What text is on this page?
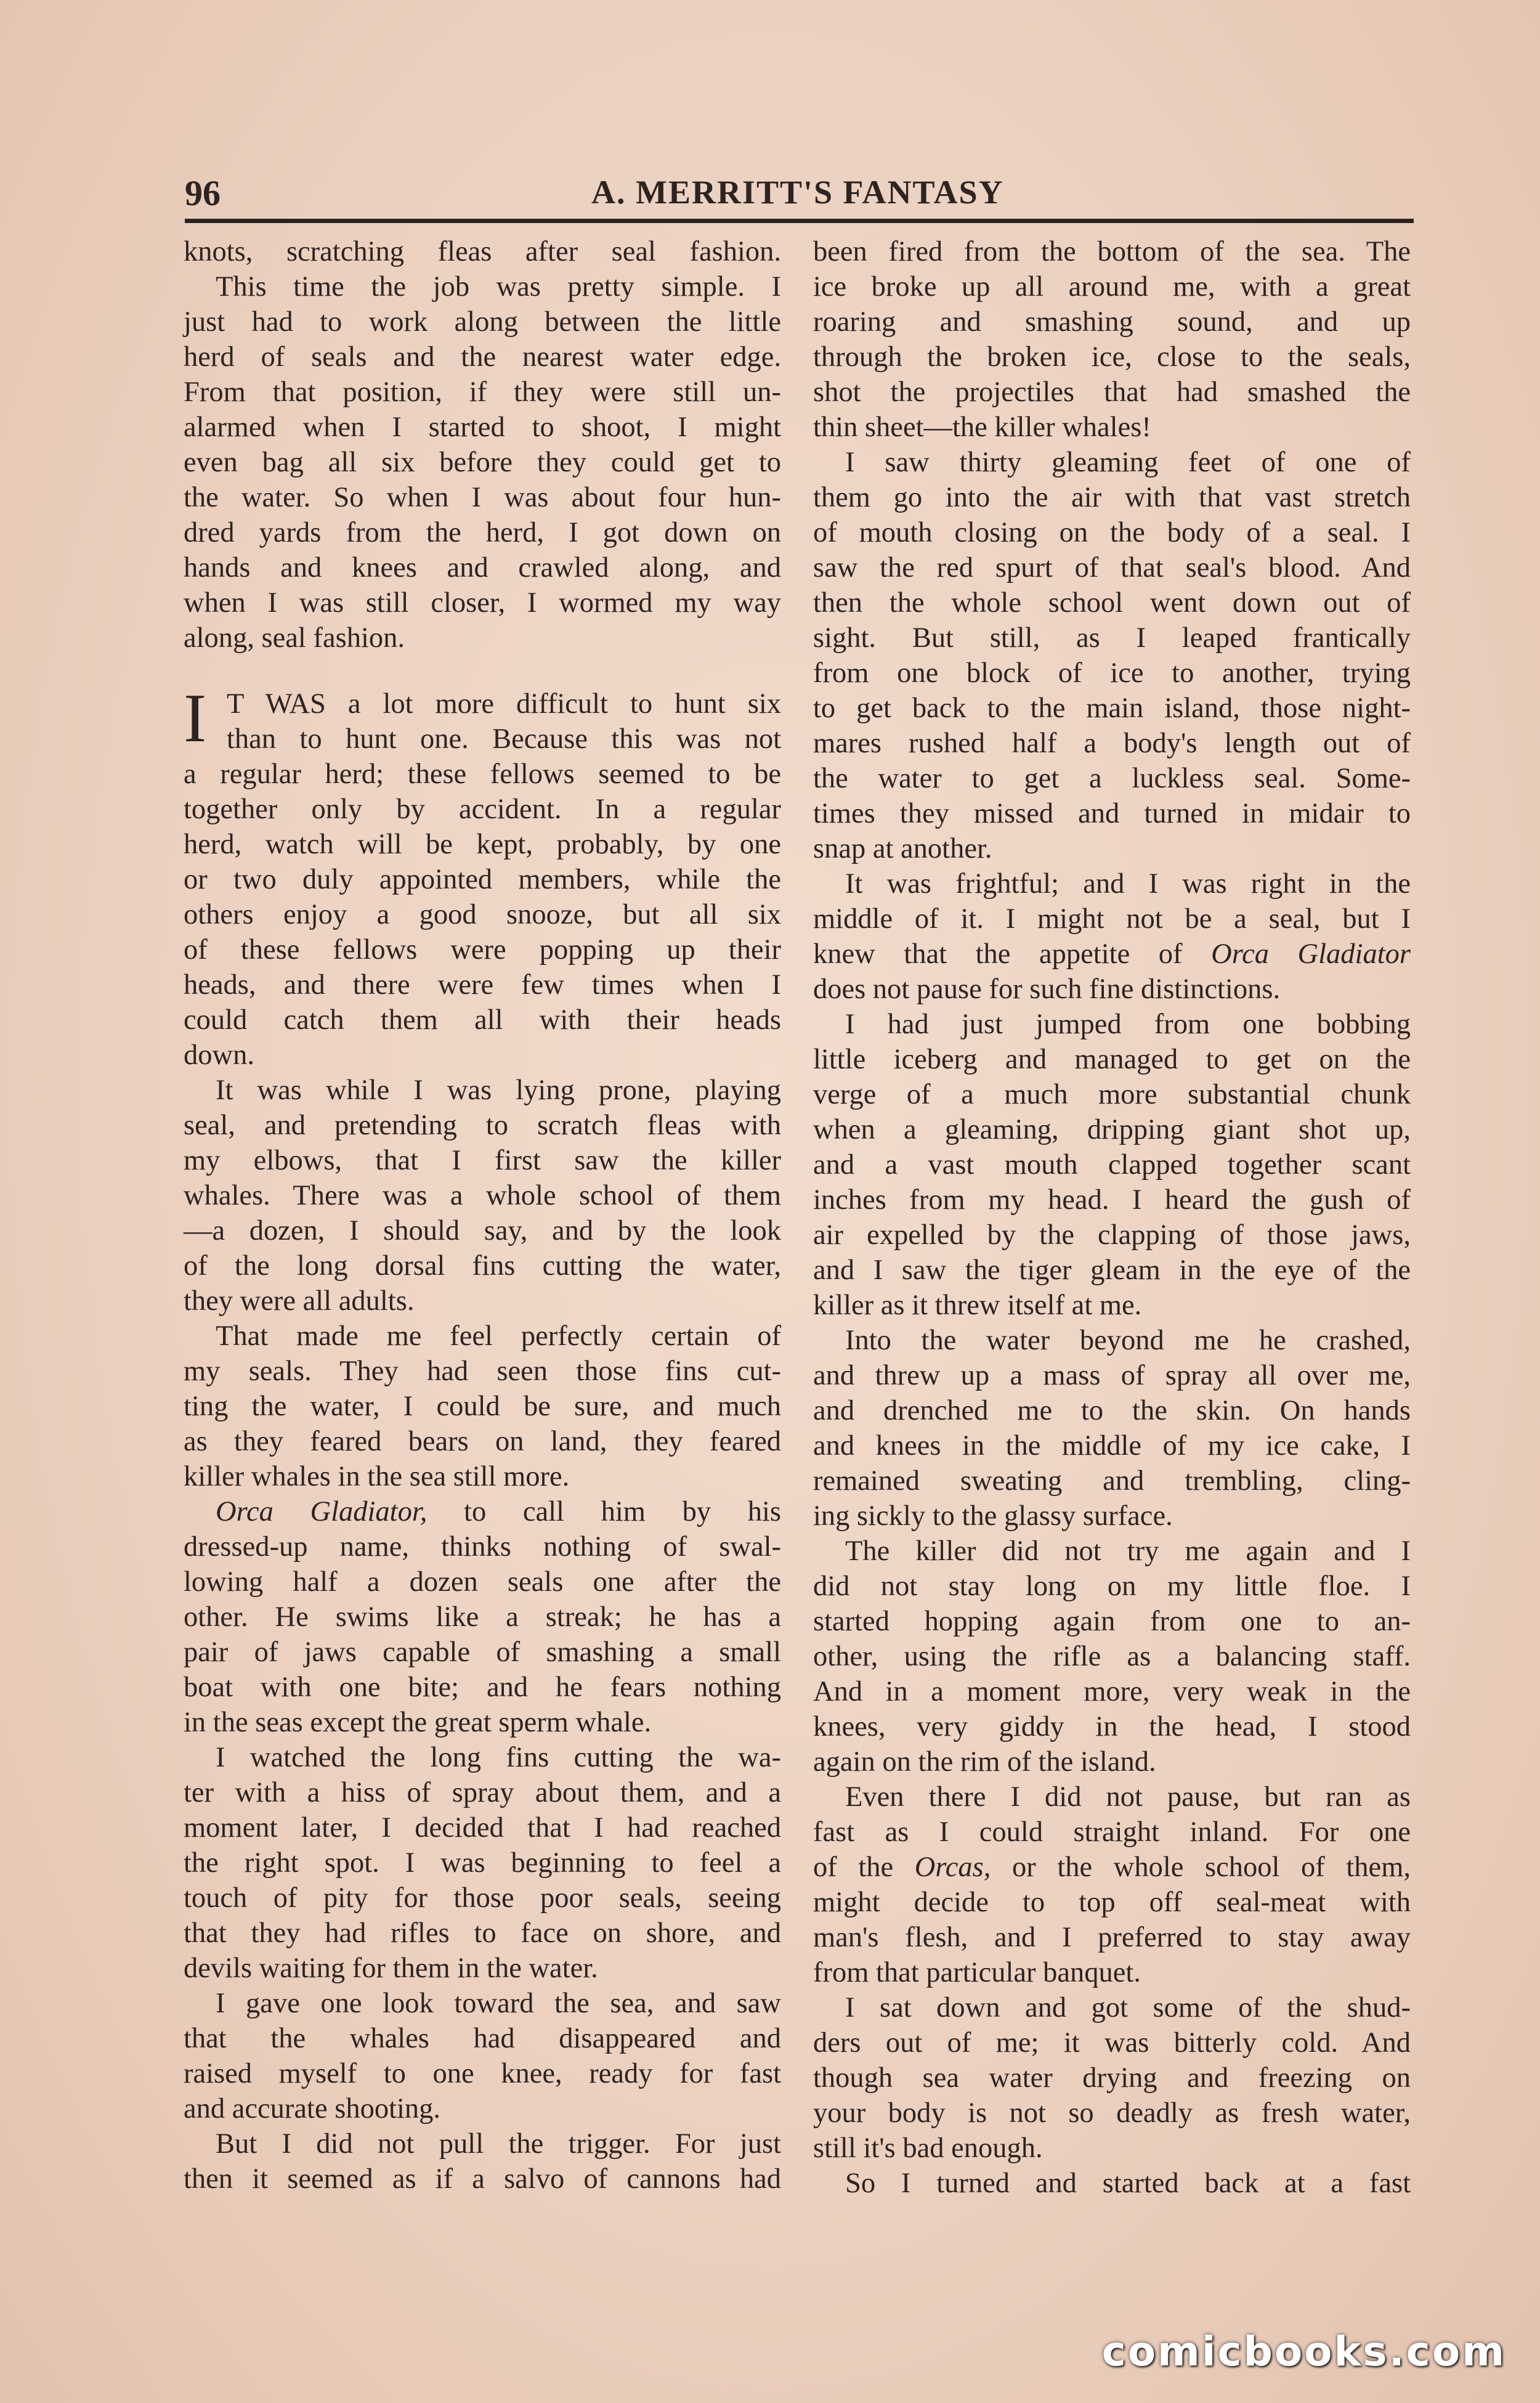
96	A. MERRITT'S FANTASY
knots, scratching fleas after seal fashion.
This time the job was pretty simple. I
just had to work along between the little
herd of seals and the nearest water edge.
From that position, if they were still un-
alarmed when I started to shoot, I might
even bag all six before they could get to
the water. So when I was about four hun-
dred yards from the herd, I got down on
hands and knees and crawled along, and
when I was still closer, I wormed my way
along, seal fashion.
I T WAS a lot more difficult to hunt six
than to hunt one. Because this was not
a regular herd; these fellows seemed to be
together only by accident. In a regular
herd, watch will be kept, probably, by one
or two duly appointed members, while the
others enjoy a good snooze, but all six
of these fellows were popping up their
heads, and there were few times when I
could catch them all with their heads
down.
It was while I was lying prone, playing
seal, and pretending to scratch fleas with
my elbows, that I first saw the killer
whales. There was a whole school of them
—a dozen, I should say, and by the look
of the long dorsal fins cutting the water,
they were all adults.
That made me feel perfectly certain of
my seals. They had seen those fins cut-
ting the water, I could be sure, and much
as they feared bears on land, they feared
killer whales in the sea still more.
Orca Gladiator, to call him by his
dressed-up name, thinks nothing of swal-
lowing half a dozen seals one after the
other. He swims like a streak; he has a
pair of jaws capable of smashing a small
boat with one bite; and he fears nothing
in the seas except the great sperm whale.
I watched the long fins cutting the wa-
ter with a hiss of spray about them, and a
moment later, I decided that I had reached
the right spot. I was beginning to feel a
touch of pity for those poor seals, seeing
that they had rifles to face on shore, and
devils waiting for them in the water.
I gave one look toward the sea, and saw
that the whales had disappeared and
raised myself to one knee, ready for fast
and accurate shooting.
But I did not pull the trigger. For just
then it seemed as if a salvo of cannons had
been fired from the bottom of the sea. The
ice broke up all around me, with a great
roaring and smashing sound, and up
through the broken ice, close to the seals,
shot the projectiles that had smashed the
thin sheet—the killer whales!
I saw thirty gleaming feet of one of
them go into the air with that vast stretch
of mouth closing on the body of a seal. I
saw the red spurt of that seal's blood. And
then the whole school went down out of
sight. But still, as I leaped frantically
from one block of ice to another, trying
to get back to the main island, those night-
mares rushed half a body's length out of
the water to get a luckless seal. Some-
times they missed and turned in midair to
snap at another.
It was frightful; and I was right in the
middle of it. I might not be a seal, but I
knew that the appetite of Orca Gladiator
does not pause for such fine distinctions.
I had just jumped from one bobbing
little iceberg and managed to get on the
verge of a much more substantial chunk
when a gleaming, dripping giant shot up,
and a vast mouth clapped together scant
inches from my head. I heard the gush of
air expelled by the clapping of those jaws,
and I saw the tiger gleam in the eye of the
killer as it threw itself at me.
Into the water beyond me he crashed,
and threw up a mass of spray all over me,
and drenched me to the skin. On hands
and knees in the middle of my ice cake, I
remained sweating and trembling, cling-
ing sickly to the glassy surface.
The killer did not try me again and I
did not stay long on my little floe. I
started hopping again from one to an-
other, using the rifle as a balancing staff.
And in a moment more, very weak in the
knees, very giddy in the head, I stood
again on the rim of the island.
Even there I did not pause, but ran as
fast as I could straight inland. For one
of the Orcas, or the whole school of them,
might decide to top off seal-meat with
man's flesh, and I preferred to stay away
from that particular banquet.
I sat down and got some of the shud-
ders out of me; it was bitterly cold. And
though sea water drying and freezing on
your body is not so deadly as fresh water,
still it's bad enough.
So I turned and started back at a fast
comicbooks.com
